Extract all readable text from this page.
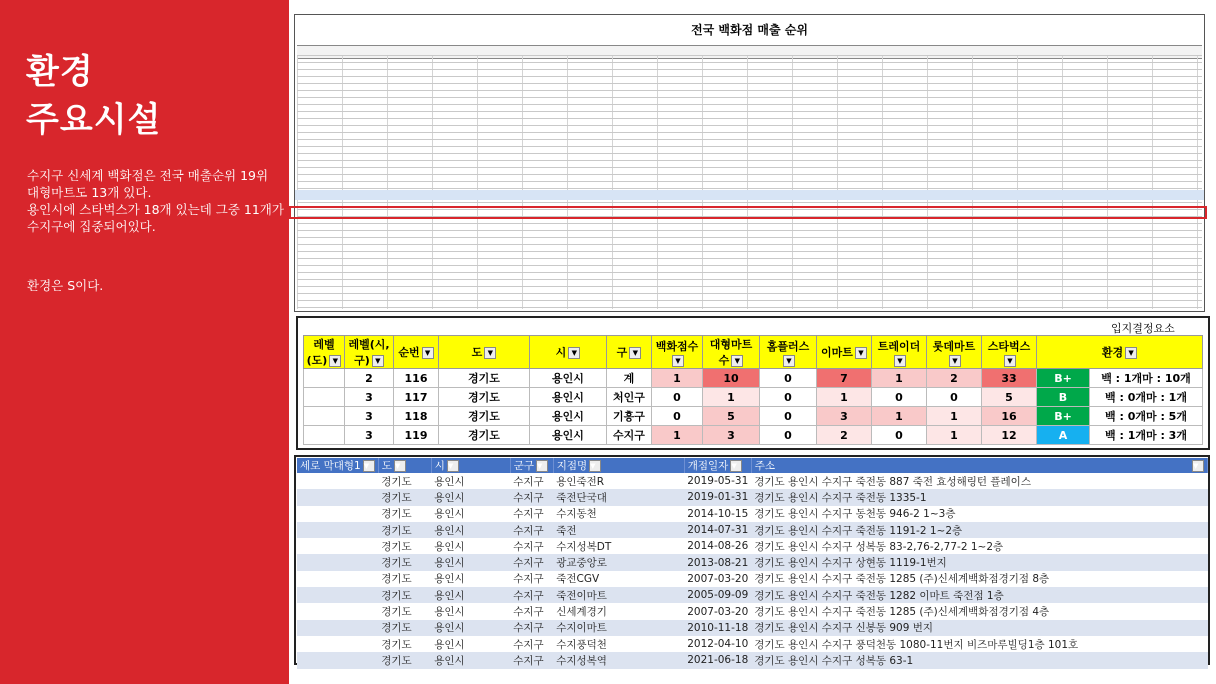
환경
주요시설
수지구 신세계 백화점은 전국 매출순위 19위
대형마트도 13개 있다.
용인시에 스타벅스가 18개 있는데 그중 11개가
수지구에 집중되어있다.
환경은 S이다.
전국 백화점 매출 순위
입지결정요소
레벨(도) ▼	레벨(시,구) ▼	순번 ▼	도 ▼	시 ▼	구 ▼	백화점수▼	대형마트수 ▼	홈플러스▼	이마트 ▼	트레이더▼	롯데마트▼	스타벅스▼	환경 ▼	
	2	116	경기도	용인시	계	1	10	0	7	1	2	33	B+	백 : 1개마 : 10개
	3	117	경기도	용인시	처인구	0	1	0	1	0	0	5	B	백 : 0개마 : 1개
	3	118	경기도	용인시	기흥구	0	5	0	3	1	1	16	B+	백 : 0개마 : 5개
	3	119	경기도	용인시	수지구	1	3	0	2	0	1	12	A	백 : 1개마 : 3개
세로 막대형1 ▼	도 ▼	시 ▼	군구 ▼	지점명 ▼	개점일자 ▼	주소 ▼

	경기도	용인시	수지구	용인죽전R	2019-05-31	경기도 용인시 수지구 죽전동 887 죽전 효성해링턴 플레이스
	경기도	용인시	수지구	죽전단국대	2019-01-31	경기도 용인시 수지구 죽전동 1335-1
	경기도	용인시	수지구	수지동천	2014-10-15	경기도 용인시 수지구 동천동 946-2 1~3층
	경기도	용인시	수지구	죽전	2014-07-31	경기도 용인시 수지구 죽전동 1191-2 1~2층
	경기도	용인시	수지구	수지성복DT	2014-08-26	경기도 용인시 수지구 성복동 83-2,76-2,77-2 1~2층
	경기도	용인시	수지구	광교중앙로	2013-08-21	경기도 용인시 수지구 상현동 1119-1번지
	경기도	용인시	수지구	죽전CGV	2007-03-20	경기도 용인시 수지구 죽전동 1285 (주)신세계백화점경기점 8층
	경기도	용인시	수지구	죽전이마트	2005-09-09	경기도 용인시 수지구 죽전동 1282 이마트 죽전점 1층
	경기도	용인시	수지구	신세계경기	2007-03-20	경기도 용인시 수지구 죽전동 1285 (주)신세계백화점경기점 4층
	경기도	용인시	수지구	수지이마트	2010-11-18	경기도 용인시 수지구 신봉동 909 번지
	경기도	용인시	수지구	수지풍덕천	2012-04-10	경기도 용인시 수지구 풍덕천동 1080-11번지 비즈마루빌딩1층 101호
	경기도	용인시	수지구	수지성복역	2021-06-18	경기도 용인시 수지구 성복동 63-1
